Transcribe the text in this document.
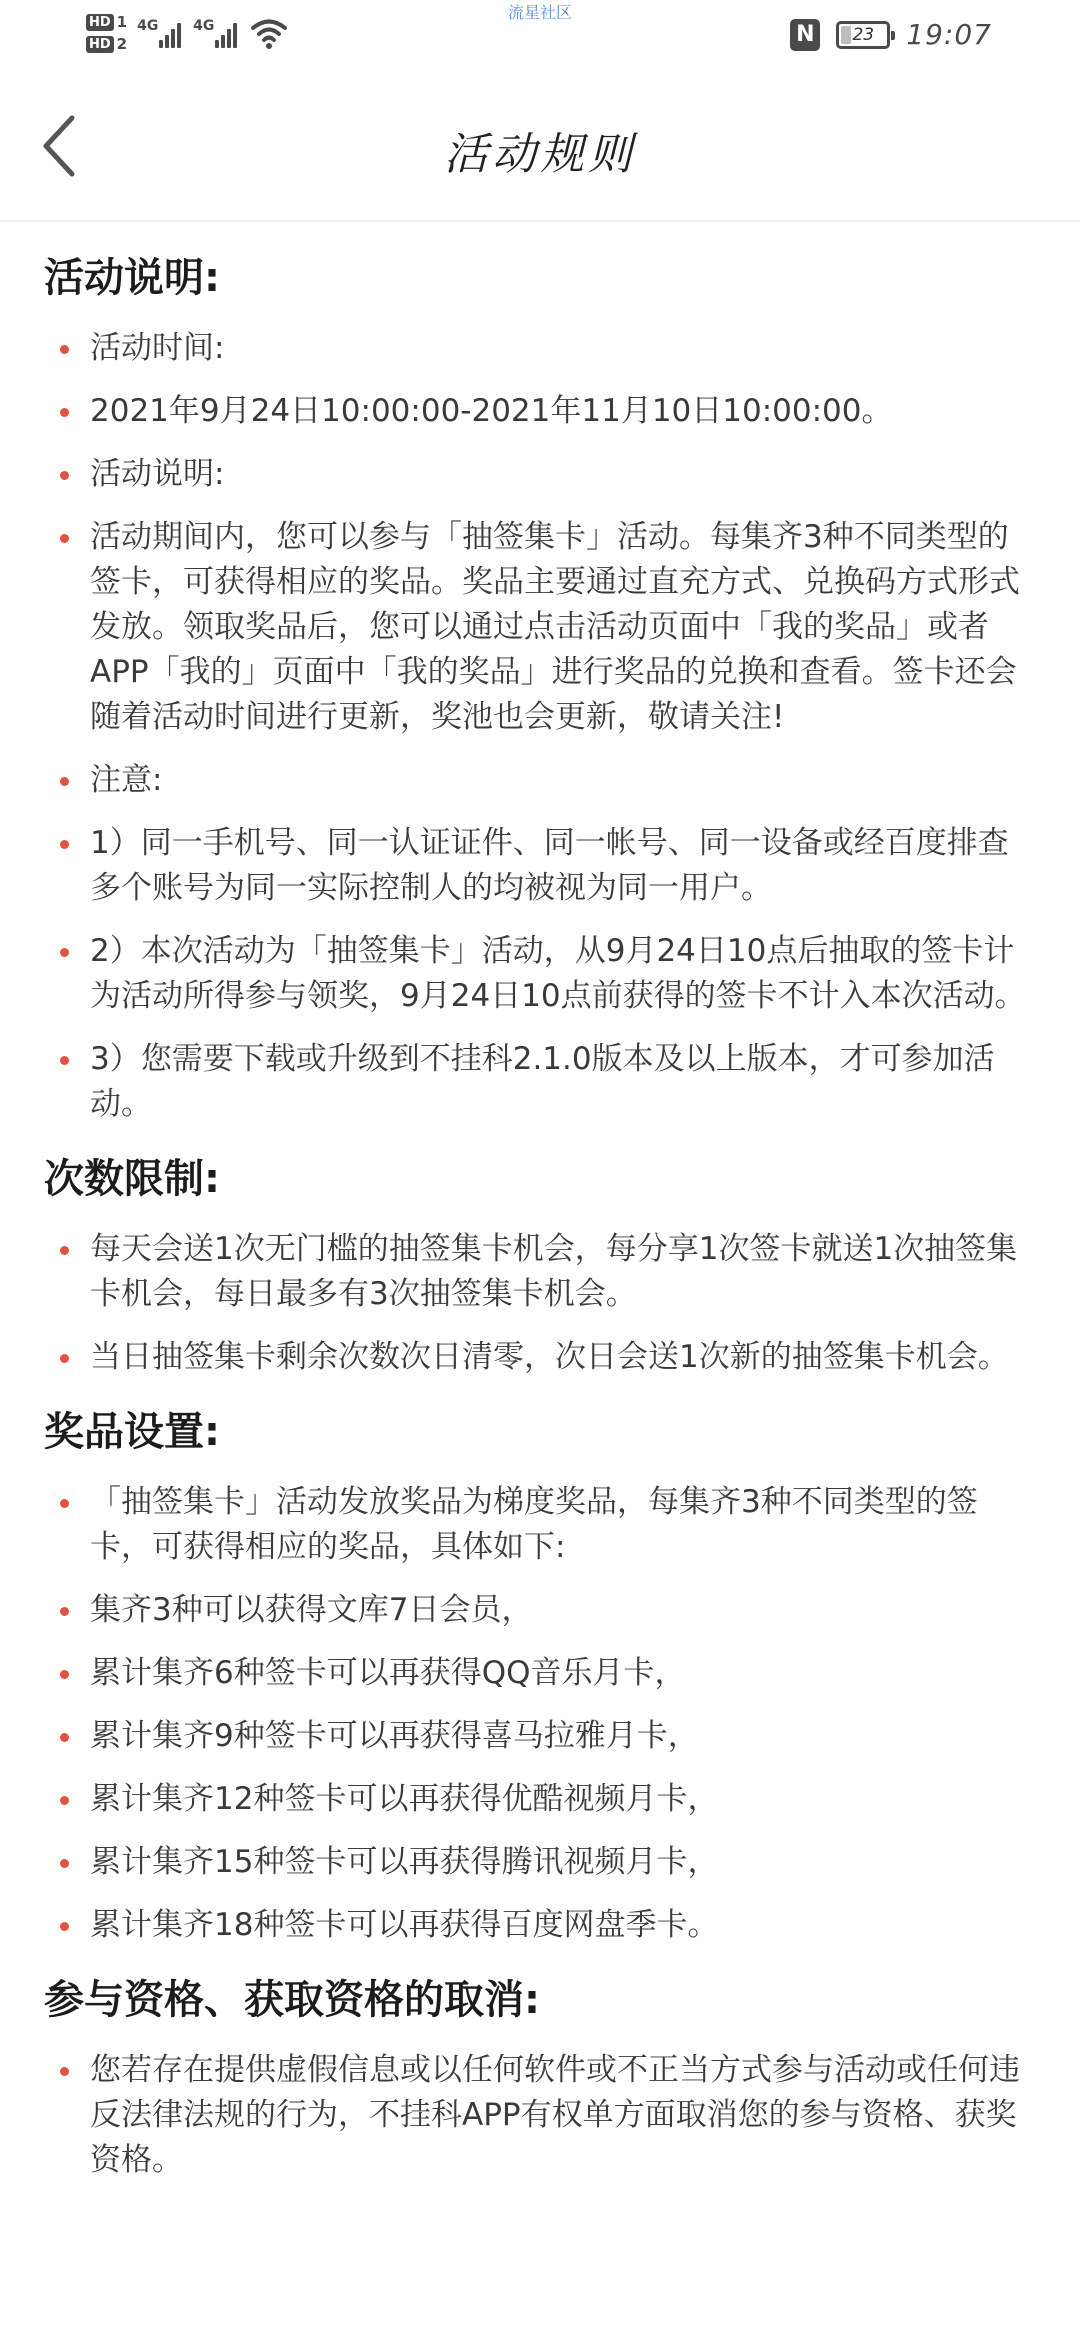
HD 1
HD 2
4G 4G
流星社区
N	23	19:07
活动规则
活动说明:
活动时间:
2021年9月24日10:00:00-2021年11月10日10:00:00。
活动说明:
活动期间内，您可以参与「抽签集卡」活动。每集齐3种不同类型的签卡，可获得相应的奖品。奖品主要通过直充方式、兑换码方式形式发放。领取奖品后，您可以通过点击活动页面中「我的奖品」或者APP「我的」页面中「我的奖品」进行奖品的兑换和查看。签卡还会随着活动时间进行更新，奖池也会更新，敬请关注!
注意:
1）同一手机号、同一认证证件、同一帐号、同一设备或经百度排查多个账号为同一实际控制人的均被视为同一用户。
2）本次活动为「抽签集卡」活动，从9月24日10点后抽取的签卡计为活动所得参与领奖，9月24日10点前获得的签卡不计入本次活动。
3）您需要下载或升级到不挂科2.1.0版本及以上版本，才可参加活动。
次数限制:
每天会送1次无门槛的抽签集卡机会，每分享1次签卡就送1次抽签集卡机会，每日最多有3次抽签集卡机会。
当日抽签集卡剩余次数次日清零，次日会送1次新的抽签集卡机会。
奖品设置:
「抽签集卡」活动发放奖品为梯度奖品，每集齐3种不同类型的签卡，可获得相应的奖品，具体如下:
集齐3种可以获得文库7日会员，
累计集齐6种签卡可以再获得QQ音乐月卡，
累计集齐9种签卡可以再获得喜马拉雅月卡，
累计集齐12种签卡可以再获得优酷视频月卡，
累计集齐15种签卡可以再获得腾讯视频月卡，
累计集齐18种签卡可以再获得百度网盘季卡。
参与资格、获取资格的取消:
您若存在提供虚假信息或以任何软件或不正当方式参与活动或任何违反法律法规的行为，不挂科APP有权单方面取消您的参与资格、获奖资格。
